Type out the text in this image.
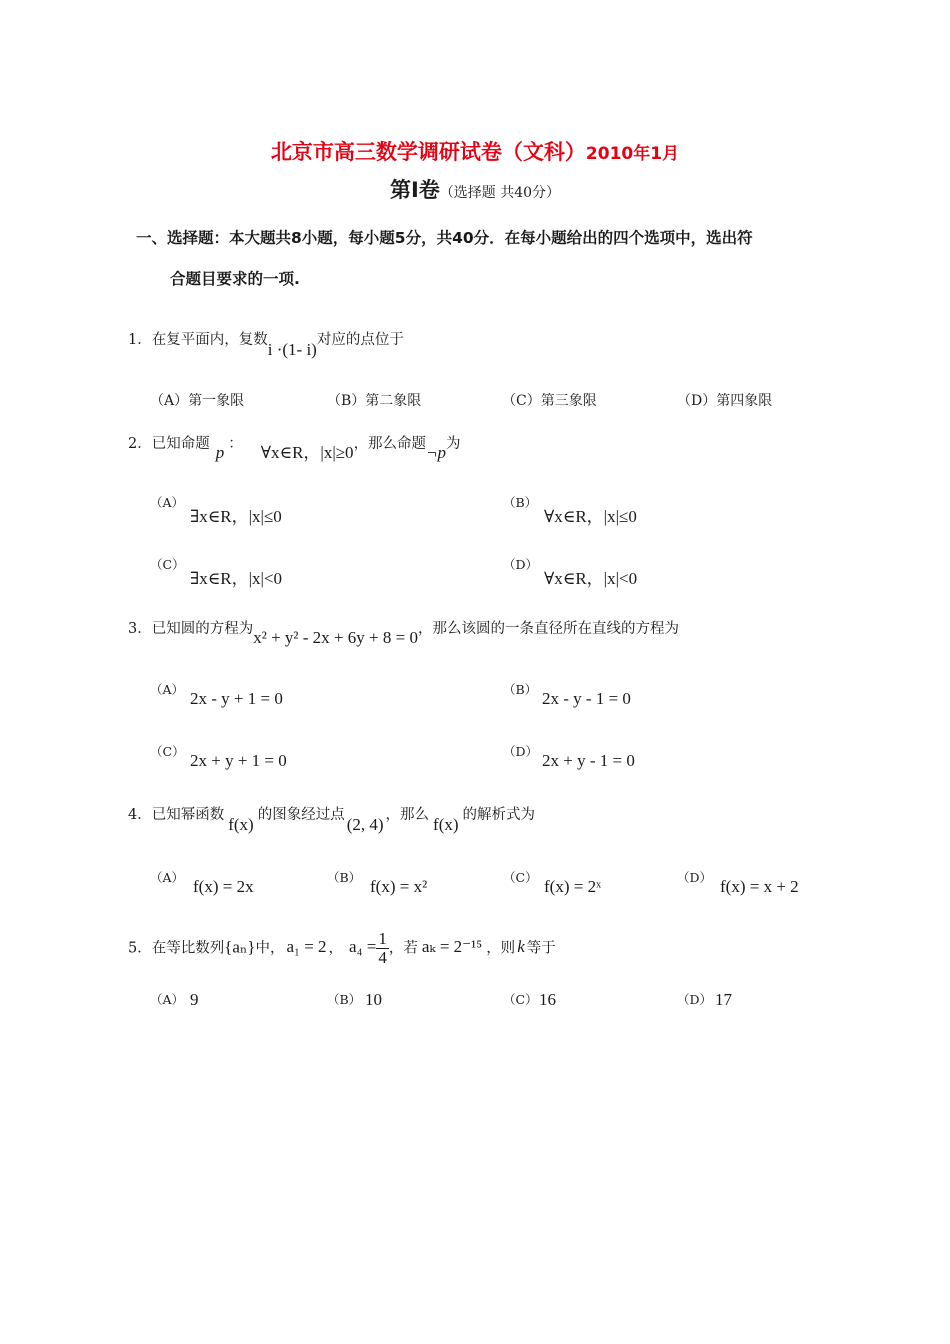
北京市高三数学调研试卷（文科）2010年1月
第Ⅰ卷（选择题 共40分）
一、选择题：本大题共8小题，每小题5分，共40分．在每小题给出的四个选项中，选出符
合题目要求的一项.
1．在复平面内，复数i ·(1- i)对应的点位于
（A）第一象限	（B）第二象限	（C）第三象限	（D）第四象限
2．已知命题 p ： ∀x∈R，|x|≥0，那么命题¬p为
（A）
∃x∈R，|x|≤0
（B）
∀x∈R，|x|≤0
（C）
∃x∈R，|x|<0
（D）
∀x∈R，|x|<0
3．已知圆的方程为x² + y² - 2x + 6y + 8 = 0，那么该圆的一条直径所在直线的方程为
（A） 2x - y + 1 = 0	（B） 2x - y - 1 = 0
（C） 2x + y + 1 = 0	（D） 2x + y - 1 = 0
4．已知幂函数 f(x) 的图象经过点 (2, 4) ，那么 f(x) 的解析式为
（A） f(x) = 2x	（B） f(x) = x²	（C） f(x) = 2ˣ	（D） f(x) = x + 2
5．在等比数列{aₙ}中， a₁ = 2 ， $a_4 = \frac{1}{4}$ ，若 aₖ = 2⁻¹⁵ ，则 k 等于
（A） 9	（B） 10	（C） 16	（D） 17
